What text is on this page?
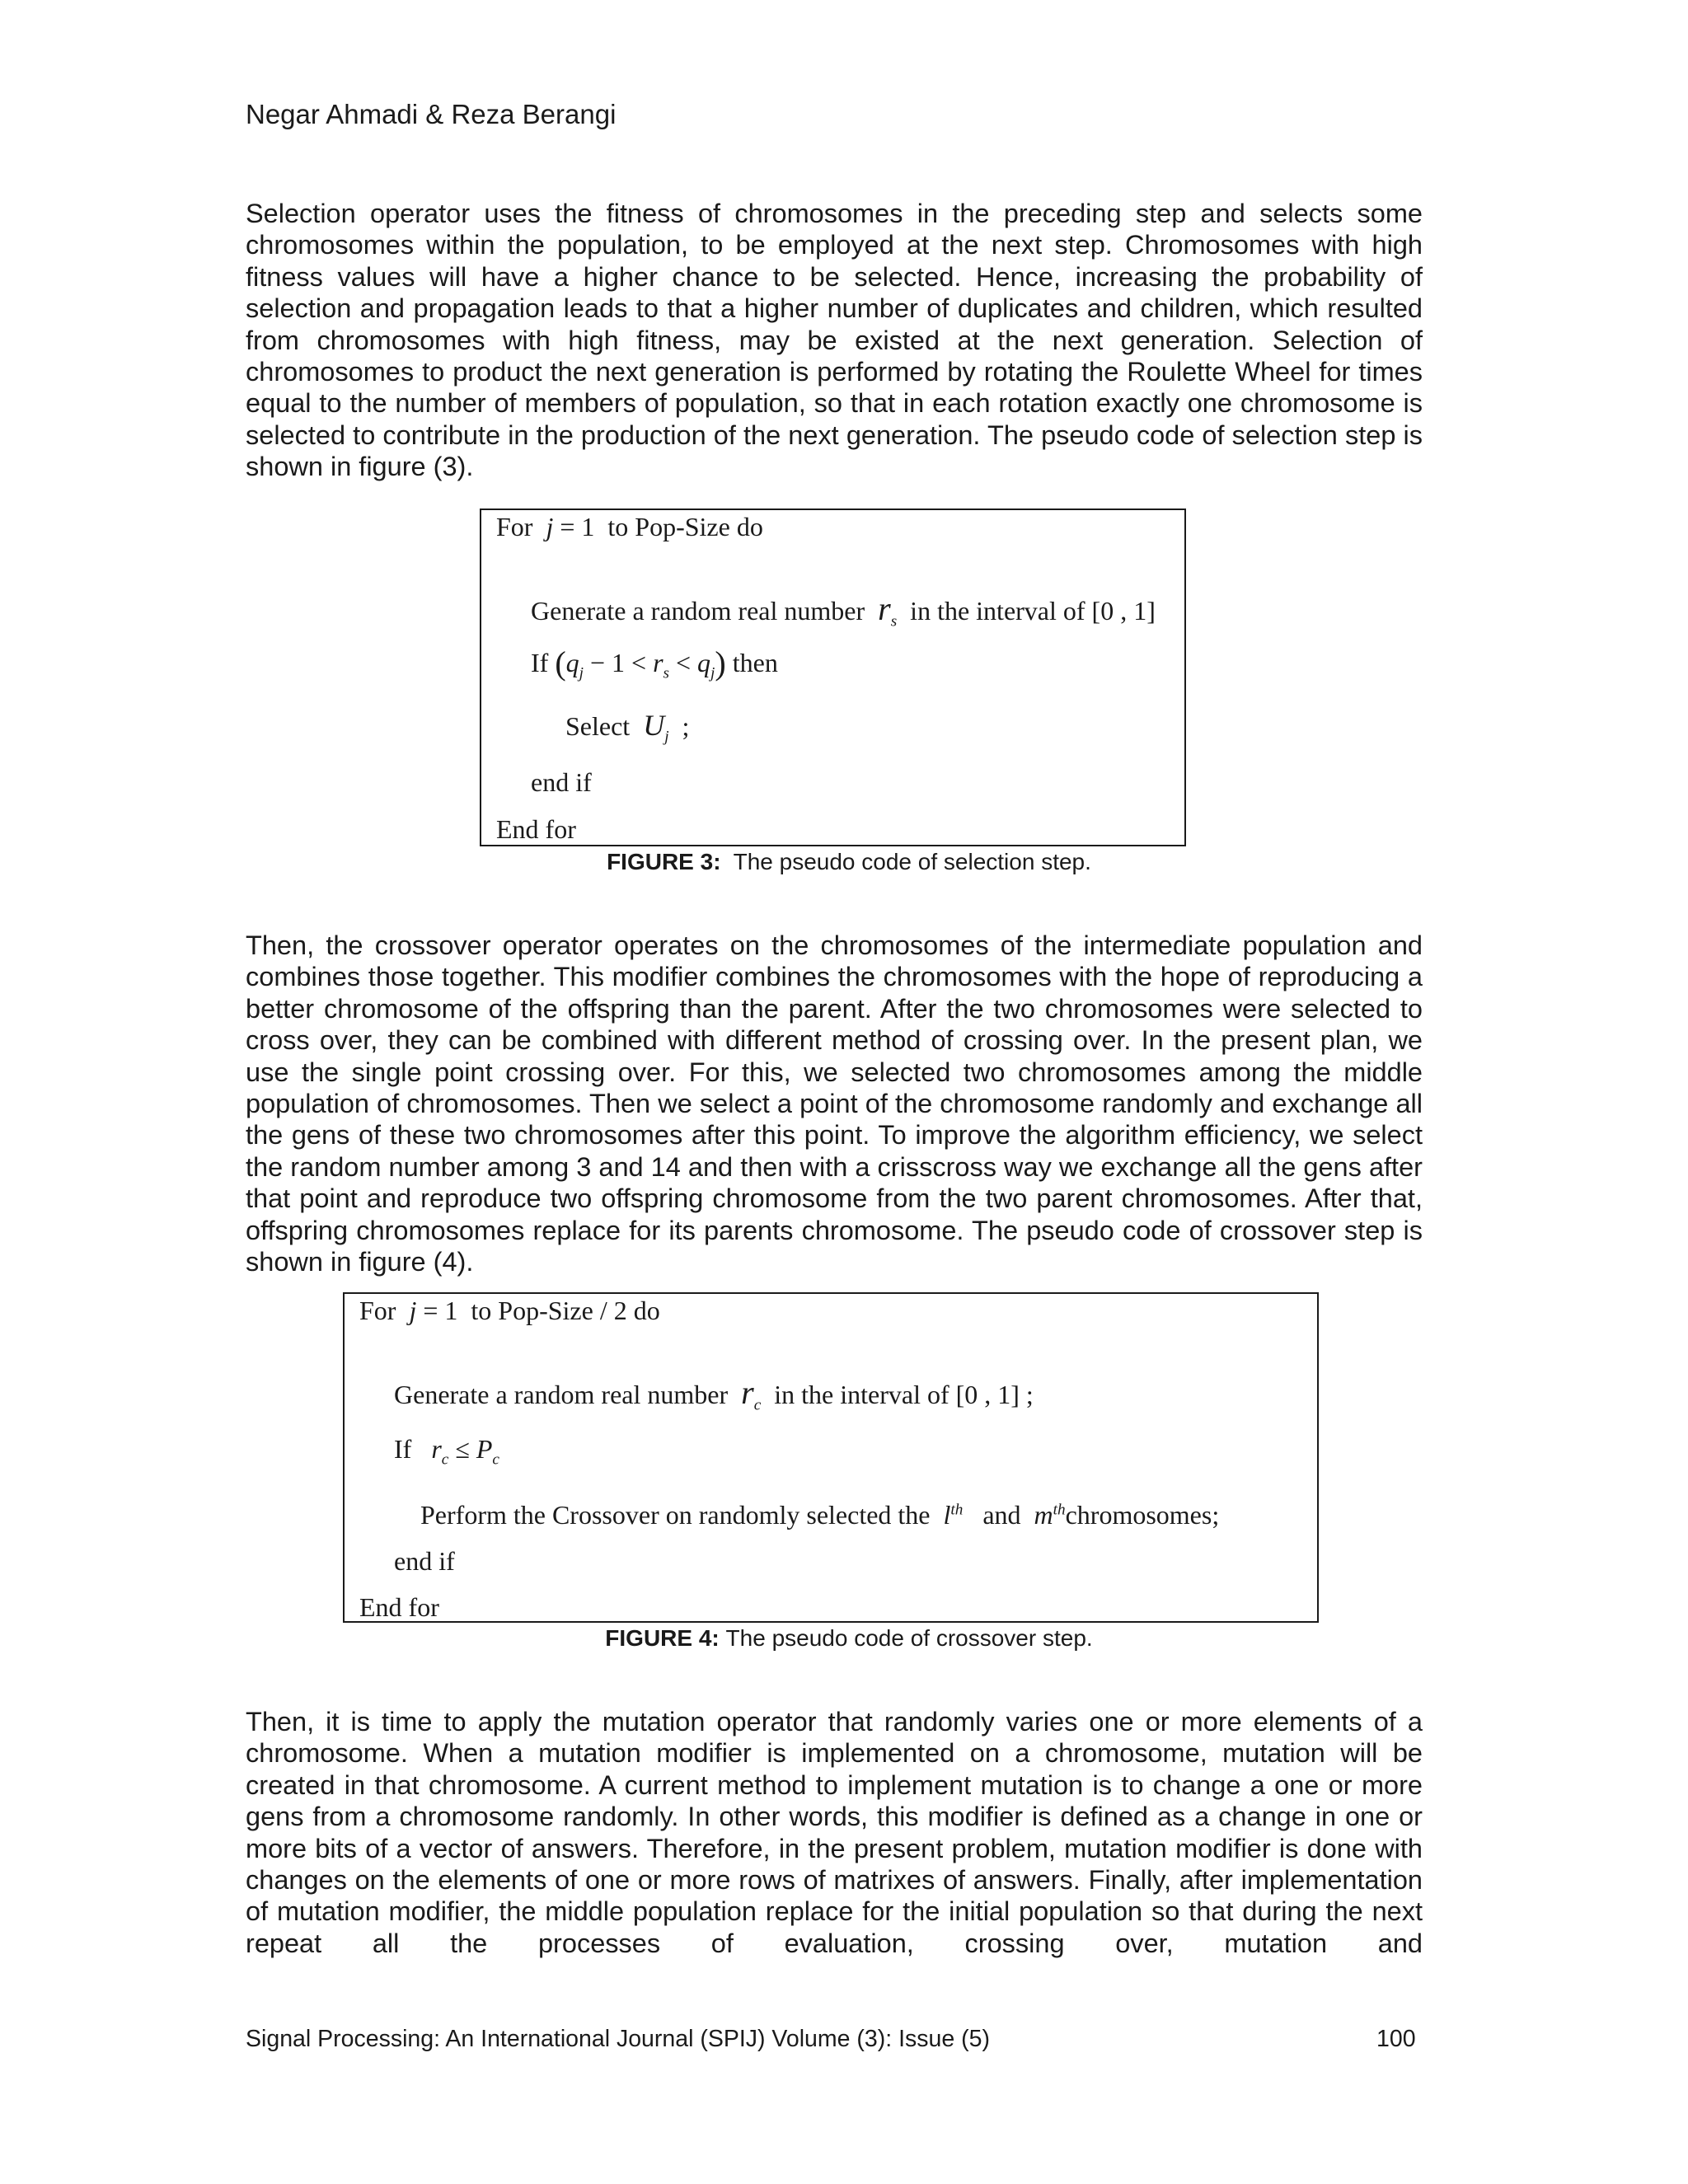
Negar Ahmadi & Reza Berangi

Selection operator uses the fitness of chromosomes in the preceding step and selects some chromosomes within the population, to be employed at the next step. Chromosomes with high fitness values will have a higher chance to be selected. Hence, increasing the probability of selection and propagation leads to that a higher number of duplicates and children, which resulted from chromosomes with high fitness, may be existed at the next generation. Selection of chromosomes to product the next generation is performed by rotating the Roulette Wheel for times equal to the number of members of population, so that in each rotation exactly one chromosome is selected to contribute in the production of the next generation. The pseudo code of selection step is shown in figure (3).

For j = 1 to Pop-Size do
Generate a random real number $r_s$ in the interval of [0 , 1]
If $(q_j - 1 < r_s < q_j)$ then
Select $U_j$ ;
end if
End for
FIGURE 3: The pseudo code of selection step.

Then, the crossover operator operates on the chromosomes of the intermediate population and combines those together. This modifier combines the chromosomes with the hope of reproducing a better chromosome of the offspring than the parent. After the two chromosomes were selected to cross over, they can be combined with different method of crossing over. In the present plan, we use the single point crossing over. For this, we selected two chromosomes among the middle population of chromosomes. Then we select a point of the chromosome randomly and exchange all the gens of these two chromosomes after this point. To improve the algorithm efficiency, we select the random number among 3 and 14 and then with a crisscross way we exchange all the gens after that point and reproduce two offspring chromosome from the two parent chromosomes. After that, offspring chromosomes replace for its parents chromosome. The pseudo code of crossover step is shown in figure (4).

For j = 1 to Pop-Size / 2 do
Generate a random real number $r_c$ in the interval of [0 , 1] ;
If $r_c \le P_c$
Perform the Crossover on randomly selected the $l^{th}$ and $m^{th}chromosomes$;
end if
End for
FIGURE 4: The pseudo code of crossover step.

Then, it is time to apply the mutation operator that randomly varies one or more elements of a chromosome. When a mutation modifier is implemented on a chromosome, mutation will be created in that chromosome. A current method to implement mutation is to change a one or more gens from a chromosome randomly. In other words, this modifier is defined as a change in one or more bits of a vector of answers. Therefore, in the present problem, mutation modifier is done with changes on the elements of one or more rows of matrixes of answers. Finally, after implementation of mutation modifier, the middle population replace for the initial population so that during the next repeat all the processes of evaluation, crossing over, mutation and

Signal Processing: An International Journal (SPIJ) Volume (3): Issue (5)	100
